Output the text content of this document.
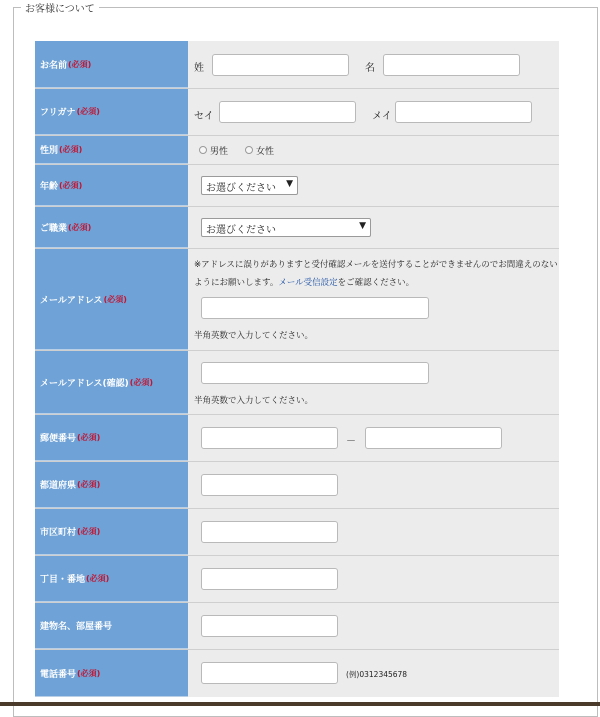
お客様について
お名前 (必須)	姓	名
フリガナ (必須)	セイ	メイ
性別 (必須)	男性	女性
年齢 (必須)	お選びください ▼
ご職業 (必須)	お選びください	▼
メールアドレス (必須)
※アドレスに誤りがありますと受付確認メールを送付することができませんのでお間違えのない
ようにお願いします。メール受信設定をご確認ください。
半角英数で入力してください。
メールアドレス(確認) (必須)
半角英数で入力してください。
郵便番号 (必須)	－
都道府県 (必須)
市区町村 (必須)
丁目・番地 (必須)
建物名、部屋番号
電話番号 (必須)	(例)0312345678
